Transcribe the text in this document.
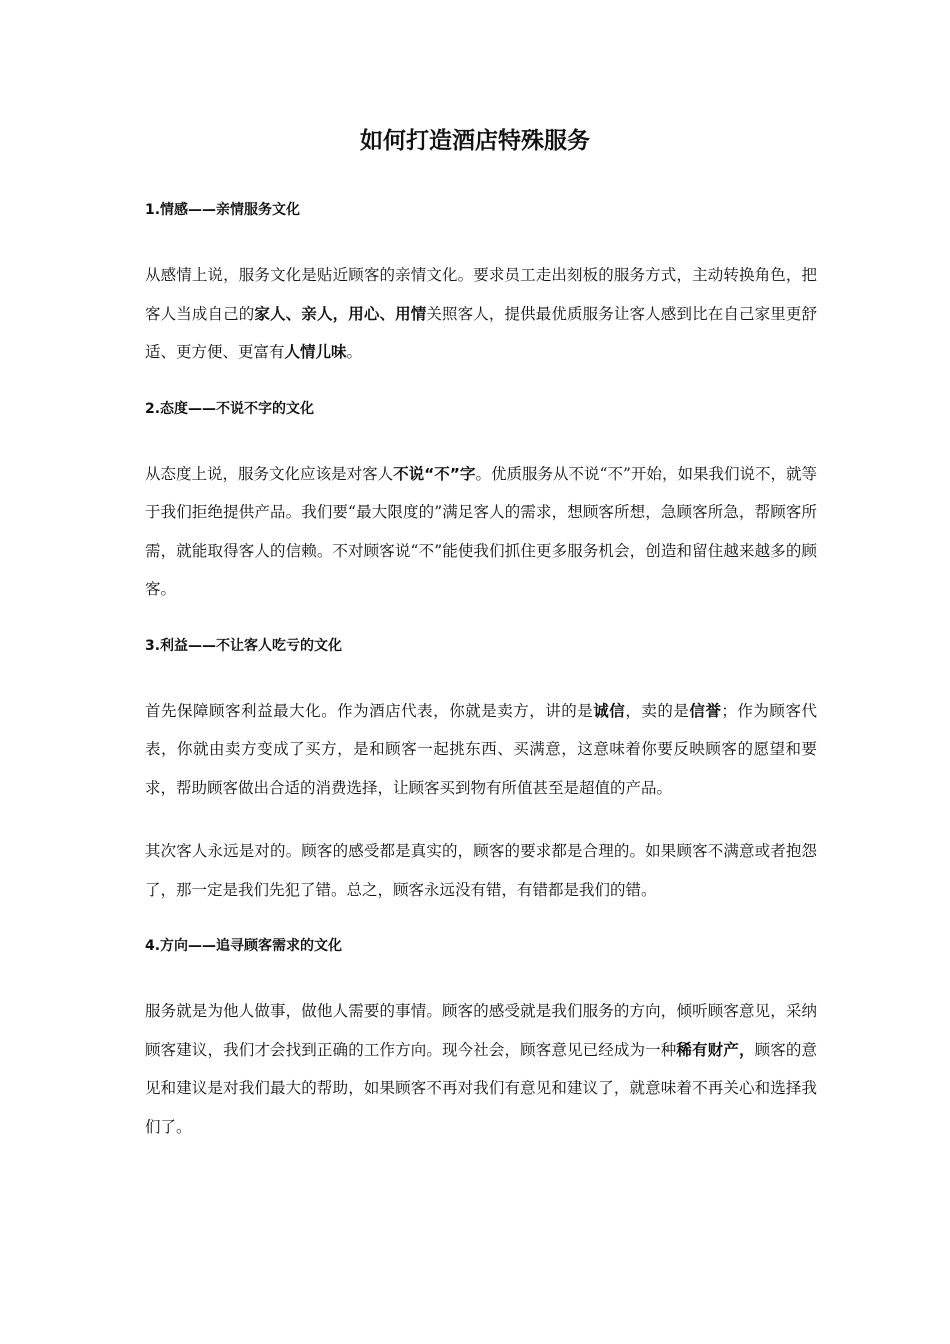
如何打造酒店特殊服务

1.情感——亲情服务文化

从感情上说，服务文化是贴近顾客的亲情文化。要求员工走出刻板的服务方式，主动转换角色，把客人当成自己的家人、亲人，用心、用情关照客人，提供最优质服务让客人感到比在自己家里更舒适、更方便、更富有人情儿味。

2.态度——不说不字的文化

从态度上说，服务文化应该是对客人不说“不”字。优质服务从不说“不”开始，如果我们说不，就等于我们拒绝提供产品。我们要“最大限度的”满足客人的需求，想顾客所想，急顾客所急，帮顾客所需，就能取得客人的信赖。不对顾客说“不”能使我们抓住更多服务机会，创造和留住越来越多的顾客。

3.利益——不让客人吃亏的文化

首先保障顾客利益最大化。作为酒店代表，你就是卖方，讲的是诚信，卖的是信誉；作为顾客代表，你就由卖方变成了买方，是和顾客一起挑东西、买满意，这意味着你要反映顾客的愿望和要求，帮助顾客做出合适的消费选择，让顾客买到物有所值甚至是超值的产品。

其次客人永远是对的。顾客的感受都是真实的，顾客的要求都是合理的。如果顾客不满意或者抱怨了，那一定是我们先犯了错。总之，顾客永远没有错，有错都是我们的错。

4.方向——追寻顾客需求的文化

服务就是为他人做事，做他人需要的事情。顾客的感受就是我们服务的方向，倾听顾客意见，采纳顾客建议，我们才会找到正确的工作方向。现今社会，顾客意见已经成为一种稀有财产，顾客的意见和建议是对我们最大的帮助，如果顾客不再对我们有意见和建议了，就意味着不再关心和选择我们了。
